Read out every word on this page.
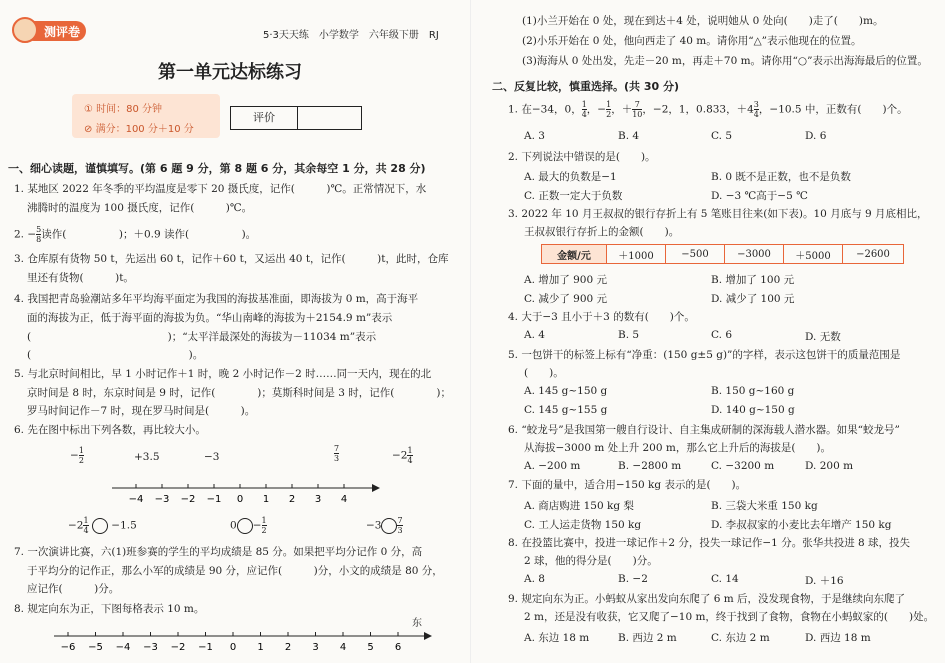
测评卷	5·3天天练　小学数学　六年级下册　RJ
第一单元达标练习
① 时间：80 分钟
⊘ 满分：100 分＋10 分
评价
一、细心读题，谨慎填写。(第 6 题 9 分，第 8 题 6 分，其余每空 1 分，共 28 分)
1. 某地区 2022 年冬季的平均温度是零下 20 摄氏度，记作(　　　)℃。正常情况下，水
沸腾时的温度为 100 摄氏度，记作(　　　)℃。
2. − $\frac{5}{8}$ 读作(　　　　　)；＋0.9 读作(　　　　　)。
3. 仓库原有货物 50 t，先运出 60 t，记作＋60 t，又运出 40 t，记作(　　　)t，此时，仓库
里还有货物(　　　)t。
4. 我国把青岛验潮站多年平均海平面定为我国的海拔基准面，即海拔为 0 m，高于海平
面的海拔为正，低于海平面的海拔为负。“华山南峰的海拔为＋2154.9 m”表示
(　　　　　　　　　　　　　)；“太平洋最深处的海拔为－11034 m”表示
(　　　　　　　　　　　　　　　)。
5. 与北京时间相比，早 1 小时记作＋1 时，晚 2 小时记作－2 时……同一天内，现在的北
京时间是 8 时，东京时间是 9 时，记作(　　　　)；莫斯科时间是 3 时，记作(　　　　)；
罗马时间记作－7 时，现在罗马时间是(　　　)。
6. 先在图中标出下列各数，再比较大小。
− $\frac{1}{2}$	+3.5	−3	$\frac{7}{3}$	$-2 \frac{1}{4}$
−4 −3 −2 −1 0 1 2 3 4
$-2 \frac{1}{4} -1.5$	$0 - \frac{1}{2}$	$-3 \frac{7}{3}$
7. 一次演讲比赛，六(1)班参赛的学生的平均成绩是 85 分。如果把平均分记作 0 分，高
于平均分的记作正，那么小军的成绩是 90 分，应记作(　　　)分，小文的成绩是 80 分，
应记作(　　　)分。
8. 规定向东为正，下图每格表示 10 m。
东
−6 −5 −4 −3 −2 −1 0 1 2 3 4 5 6
(1)小兰开始在 0 处，现在到达＋4 处，说明她从 0 处向(　　)走了(　　)m。
(2)小乐开始在 0 处，他向西走了 40 m。请你用“△”表示他现在的位置。
(3)海海从 0 处出发，先走－20 m，再走＋70 m。请你用“○”表示出海海最后的位置。
二、反复比较，慎重选择。(共 30 分)
1. 在−34，0， $\frac{1}{4}$ ，− $\frac{1}{2}$ ，＋ $\frac{7}{10}$ ，−2，1，0.833，$+4 \frac{3}{4}$ ，−10.5 中，正数有(　　)个。
A. 3	B. 4	C. 5	D. 6
2. 下列说法中错误的是(　　)。
A. 最大的负数是−1	B. 0 既不是正数，也不是负数
C. 正数一定大于负数	D. −3 ℃高于−5 ℃
3. 2022 年 10 月王叔叔的银行存折上有 5 笔账目往来(如下表)。10 月底与 9 月底相比，
王叔叔银行存折上的金额(　　)。
金额/元	＋1000	−500	−3000	＋5000	−2600
A. 增加了 900 元	B. 增加了 100 元
C. 减少了 900 元	D. 减少了 100 元
4. 大于−3 且小于＋3 的数有(　　)个。
A. 4	B. 5	C. 6	D. 无数
5. 一包饼干的标签上标有“净重：(150 g±5 g)”的字样，表示这包饼干的质量范围是
(　　)。
A. 145 g~150 g	B. 150 g~160 g
C. 145 g~155 g	D. 140 g~150 g
6. “蛟龙号”是我国第一艘自行设计、自主集成研制的深海载人潜水器。如果“蛟龙号”
从海拔−3000 m 处上升 200 m，那么它上升后的海拔是(　　)。
A. −200 m	B. −2800 m	C. −3200 m	D. 200 m
7. 下面的量中，适合用−150 kg 表示的是(　　)。
A. 商店购进 150 kg 梨	B. 三袋大米重 150 kg
C. 工人运走货物 150 kg	D. 李叔叔家的小麦比去年增产 150 kg
8. 在投篮比赛中，投进一球记作＋2 分，投失一球记作−1 分。张华共投进 8 球，投失
2 球，他的得分是(　　)分。
A. 8	B. −2	C. 14	D. ＋16
9. 规定向东为正。小蚂蚁从家出发向东爬了 6 m 后，没发现食物，于是继续向东爬了
2 m，还是没有收获，它又爬了−10 m，终于找到了食物，食物在小蚂蚁家的(　　)处。
A. 东边 18 m	B. 西边 2 m	C. 东边 2 m	D. 西边 18 m
